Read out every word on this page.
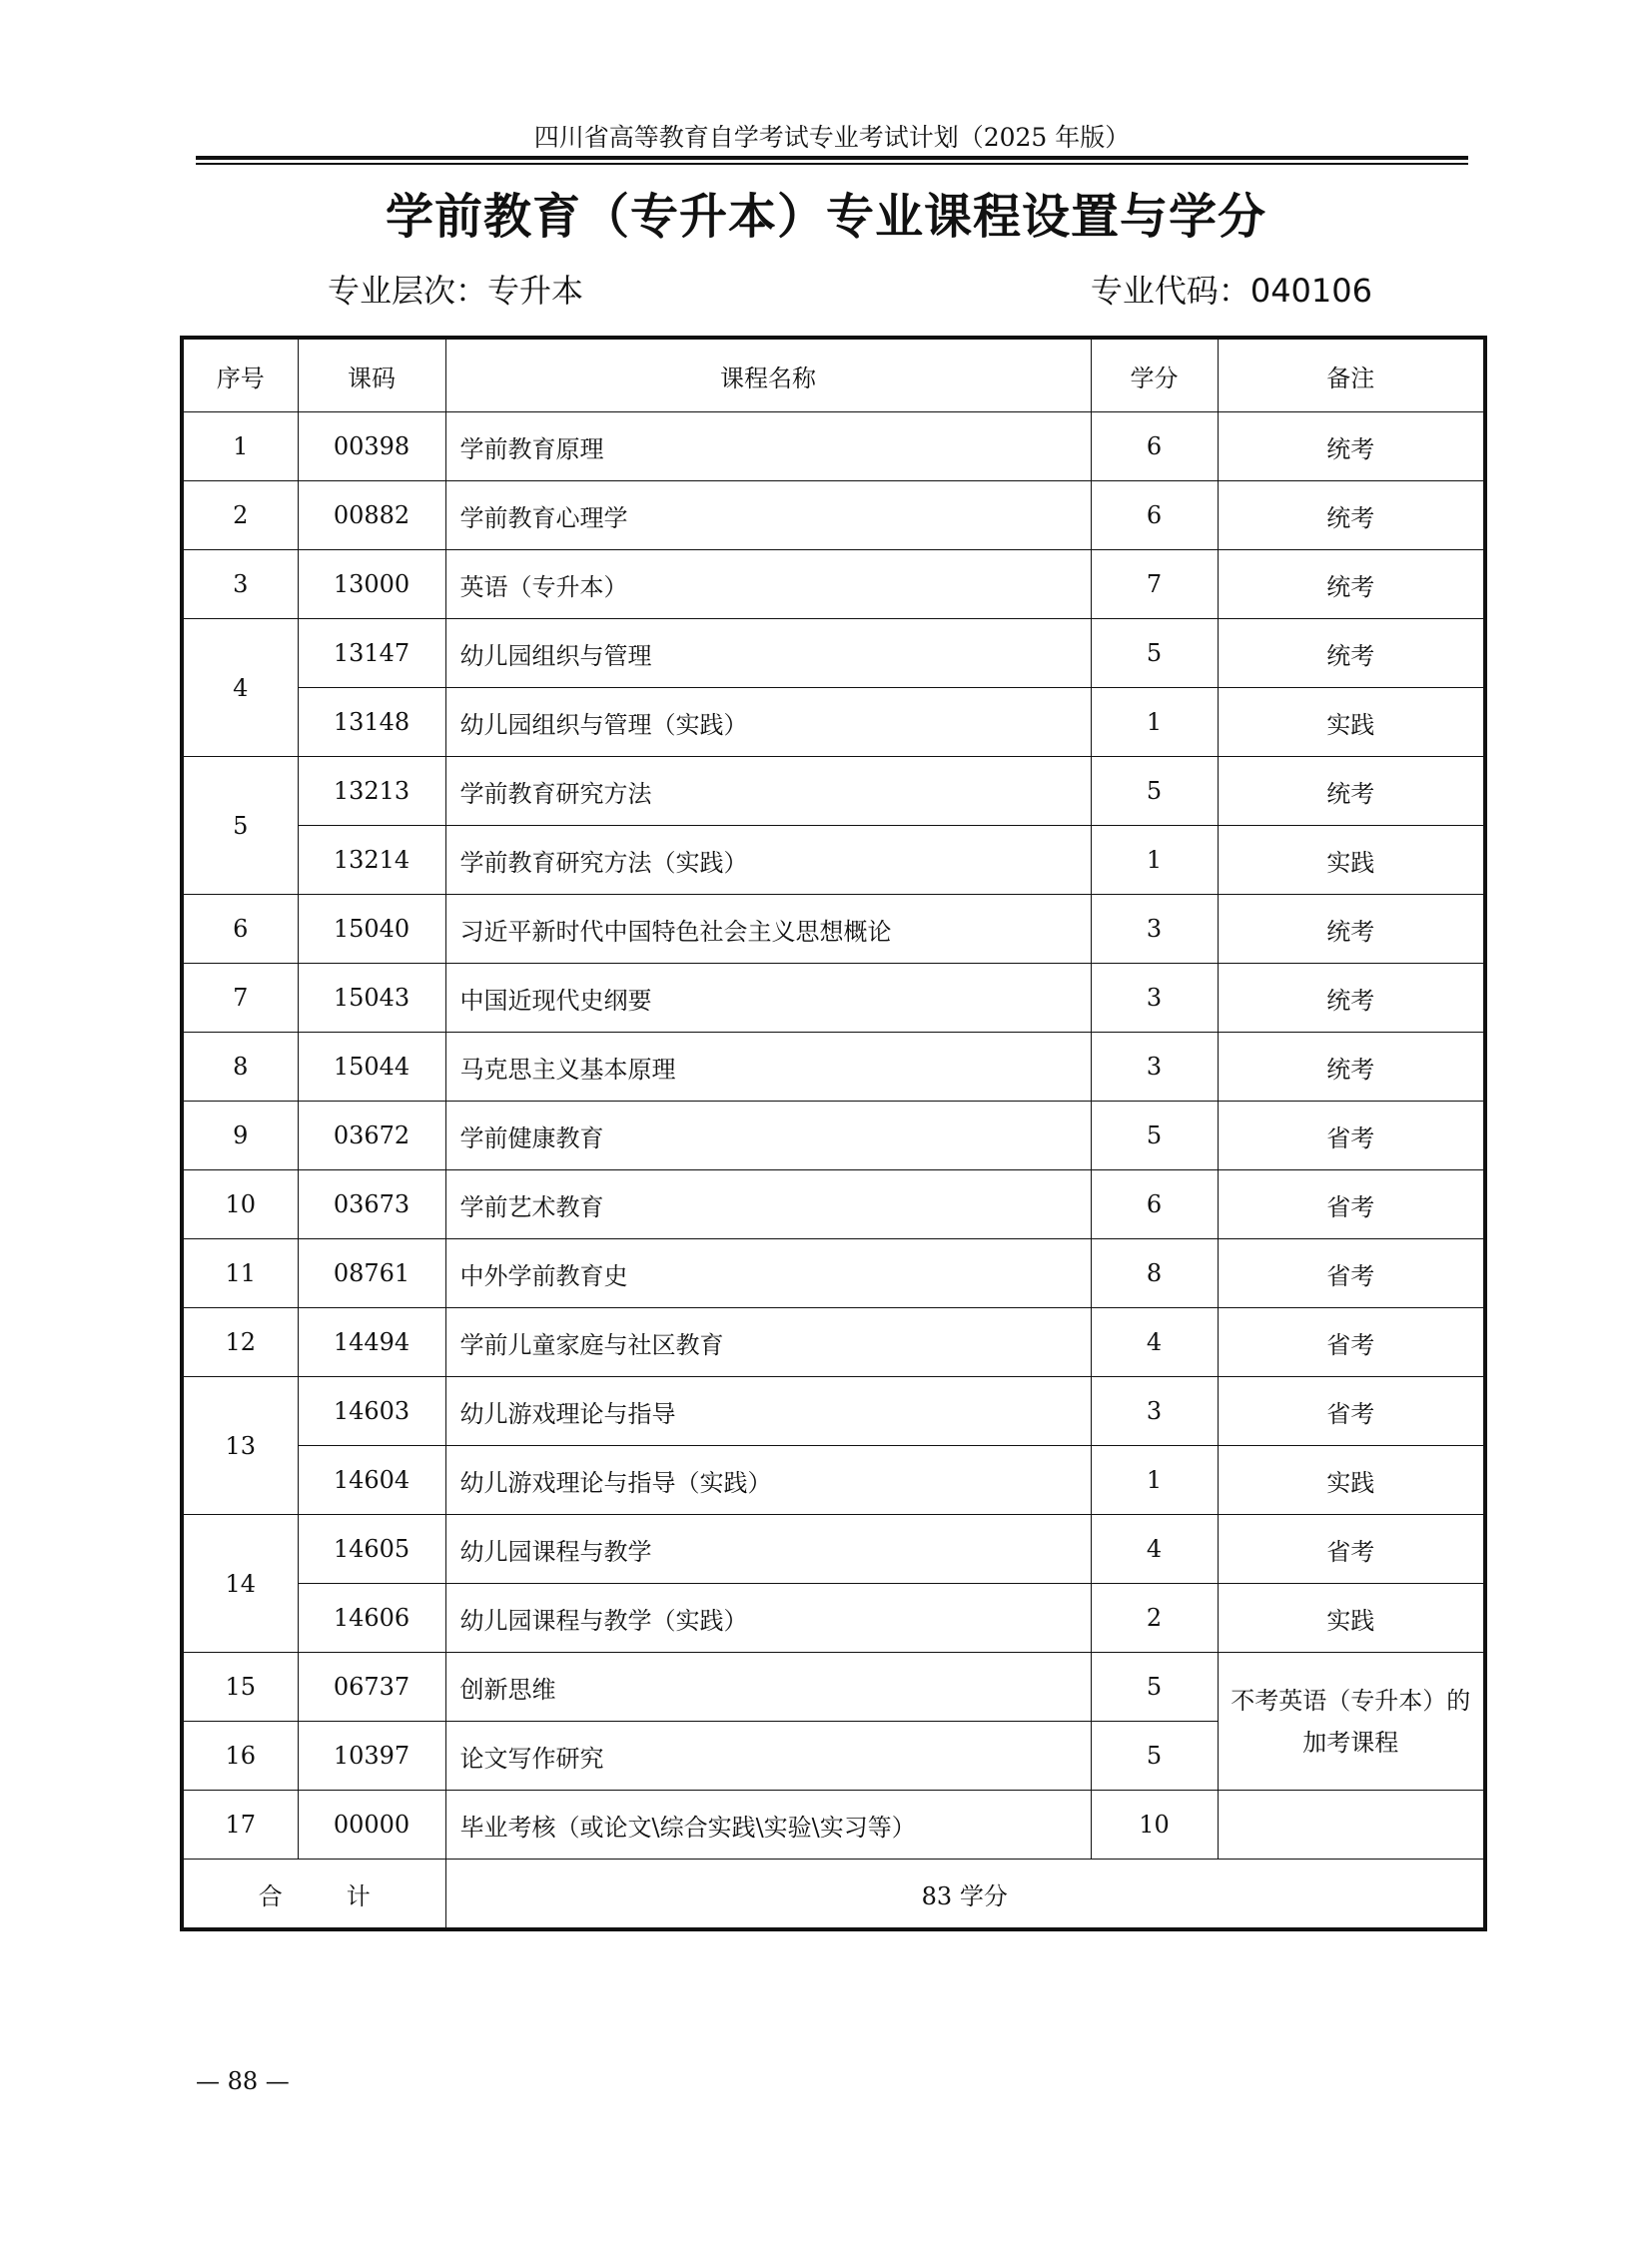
四川省高等教育自学考试专业考试计划（2025 年版）
学前教育（专升本）专业课程设置与学分
专业层次：专升本	专业代码：040106
序号	课码	课程名称	学分	备注
1	00398	学前教育原理	6	统考
2	00882	学前教育心理学	6	统考
3	13000	英语（专升本）	7	统考
4	13147	幼儿园组织与管理	5	统考
	13148	幼儿园组织与管理（实践）	1	实践
5	13213	学前教育研究方法	5	统考
	13214	学前教育研究方法（实践）	1	实践
6	15040	习近平新时代中国特色社会主义思想概论	3	统考
7	15043	中国近现代史纲要	3	统考
8	15044	马克思主义基本原理	3	统考
9	03672	学前健康教育	5	省考
10	03673	学前艺术教育	6	省考
11	08761	中外学前教育史	8	省考
12	14494	学前儿童家庭与社区教育	4	省考
13	14603	幼儿游戏理论与指导	3	省考
	14604	幼儿游戏理论与指导（实践）	1	实践
14	14605	幼儿园课程与教学	4	省考
	14606	幼儿园课程与教学（实践）	2	实践
15	06737	创新思维	5	不考英语（专升本）的
加考课程

16	10397	论文写作研究	5	
17	00000	毕业考核（或论文\综合实践\实验\实习等）	10	
合 计		83 学分		
— 88 —
